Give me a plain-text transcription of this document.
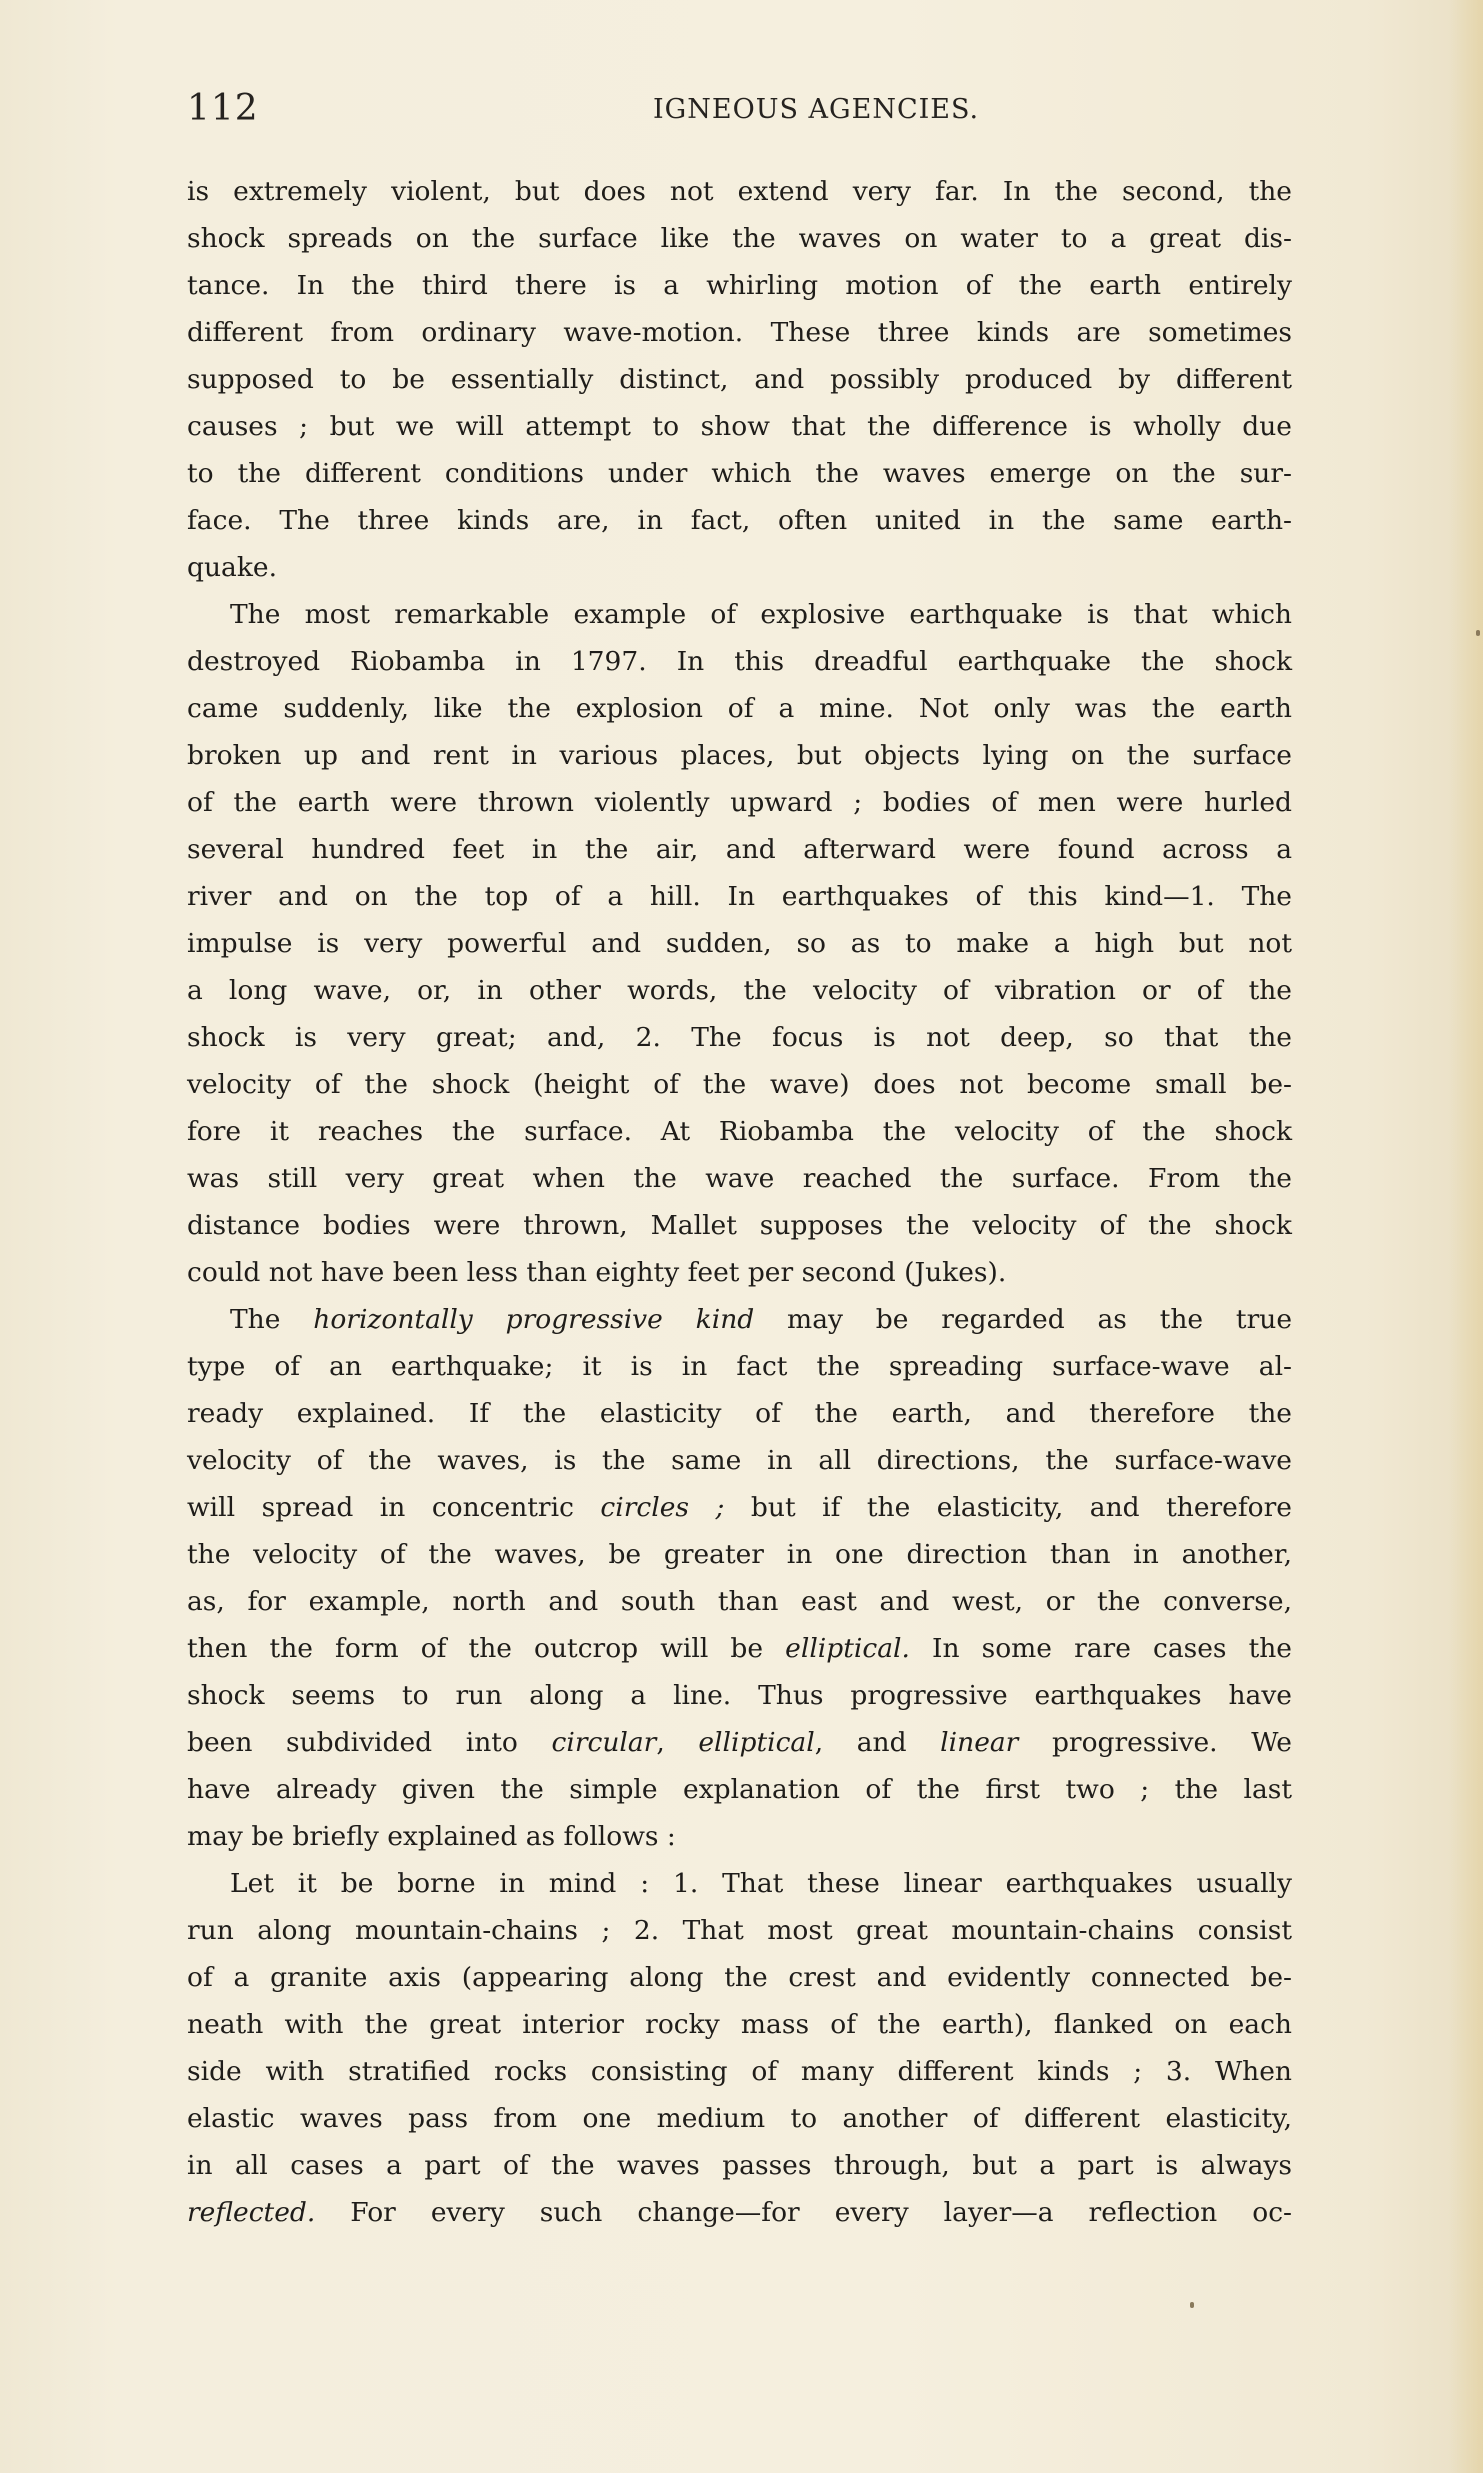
112	IGNEOUS AGENCIES.
is extremely violent, but does not extend very far. In the second, the
shock spreads on the surface like the waves on water to a great dis-
tance. In the third there is a whirling motion of the earth entirely
different from ordinary wave-motion. These three kinds are sometimes
supposed to be essentially distinct, and possibly produced by different
causes ; but we will attempt to show that the difference is wholly due
to the different conditions under which the waves emerge on the sur-
face. The three kinds are, in fact, often united in the same earth-
quake.
The most remarkable example of explosive earthquake is that which
destroyed Riobamba in 1797. In this dreadful earthquake the shock
came suddenly, like the explosion of a mine. Not only was the earth
broken up and rent in various places, but objects lying on the surface
of the earth were thrown violently upward ; bodies of men were hurled
several hundred feet in the air, and afterward were found across a
river and on the top of a hill. In earthquakes of this kind—1. The
impulse is very powerful and sudden, so as to make a high but not
a long wave, or, in other words, the velocity of vibration or of the
shock is very great; and, 2. The focus is not deep, so that the
velocity of the shock (height of the wave) does not become small be-
fore it reaches the surface. At Riobamba the velocity of the shock
was still very great when the wave reached the surface. From the
distance bodies were thrown, Mallet supposes the velocity of the shock
could not have been less than eighty feet per second (Jukes).
The horizontally progressive kind may be regarded as the true
type of an earthquake; it is in fact the spreading surface-wave al-
ready explained. If the elasticity of the earth, and therefore the
velocity of the waves, is the same in all directions, the surface-wave
will spread in concentric circles ; but if the elasticity, and therefore
the velocity of the waves, be greater in one direction than in another,
as, for example, north and south than east and west, or the converse,
then the form of the outcrop will be elliptical. In some rare cases the
shock seems to run along a line. Thus progressive earthquakes have
been subdivided into circular, elliptical, and linear progressive. We
have already given the simple explanation of the first two ; the last
may be briefly explained as follows :
Let it be borne in mind : 1. That these linear earthquakes usually
run along mountain-chains ; 2. That most great mountain-chains consist
of a granite axis (appearing along the crest and evidently connected be-
neath with the great interior rocky mass of the earth), flanked on each
side with stratified rocks consisting of many different kinds ; 3. When
elastic waves pass from one medium to another of different elasticity,
in all cases a part of the waves passes through, but a part is always
reflected. For every such change—for every layer—a reflection oc-
